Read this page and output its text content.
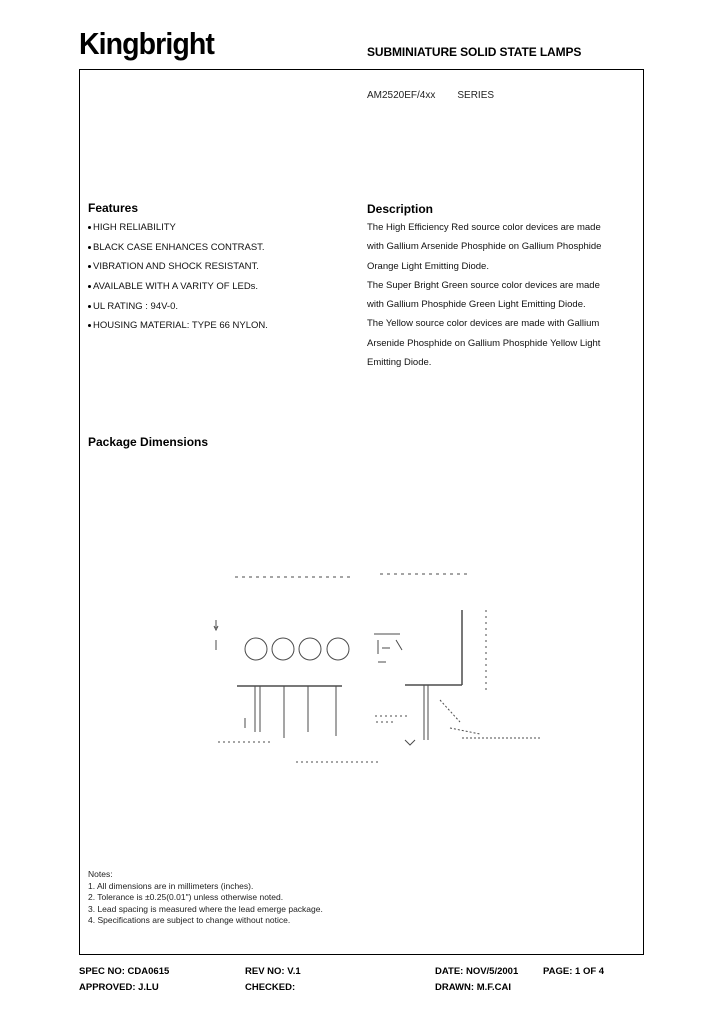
Kingbright	SUBMINIATURE SOLID STATE LAMPS
AM2520EF/4xx SERIES
Features
HIGH RELIABILITY
BLACK CASE ENHANCES CONTRAST.
VIBRATION AND SHOCK RESISTANT.
AVAILABLE WITH A VARITY OF LEDs.
UL RATING : 94V-0.
HOUSING MATERIAL: TYPE 66 NYLON.
Description
The High Efficiency Red source color devices are made
with Gallium Arsenide Phosphide on Gallium Phosphide
Orange Light Emitting Diode.
The Super Bright Green source color devices are made
with Gallium Phosphide Green Light Emitting Diode.
The Yellow source color devices are made with Gallium
Arsenide Phosphide on Gallium Phosphide Yellow Light
Emitting Diode.
Package Dimensions
Notes:
1. All dimensions are in millimeters (inches).
2. Tolerance is ±0.25(0.01") unless otherwise noted.
3. Lead spacing is measured where the lead emerge package.
4. Specifications are subject to change without notice.
SPEC NO: CDA0615	REV NO: V.1	DATE: NOV/5/2001	PAGE: 1 OF 4
APPROVED: J.LU	CHECKED:	DRAWN: M.F.CAI
